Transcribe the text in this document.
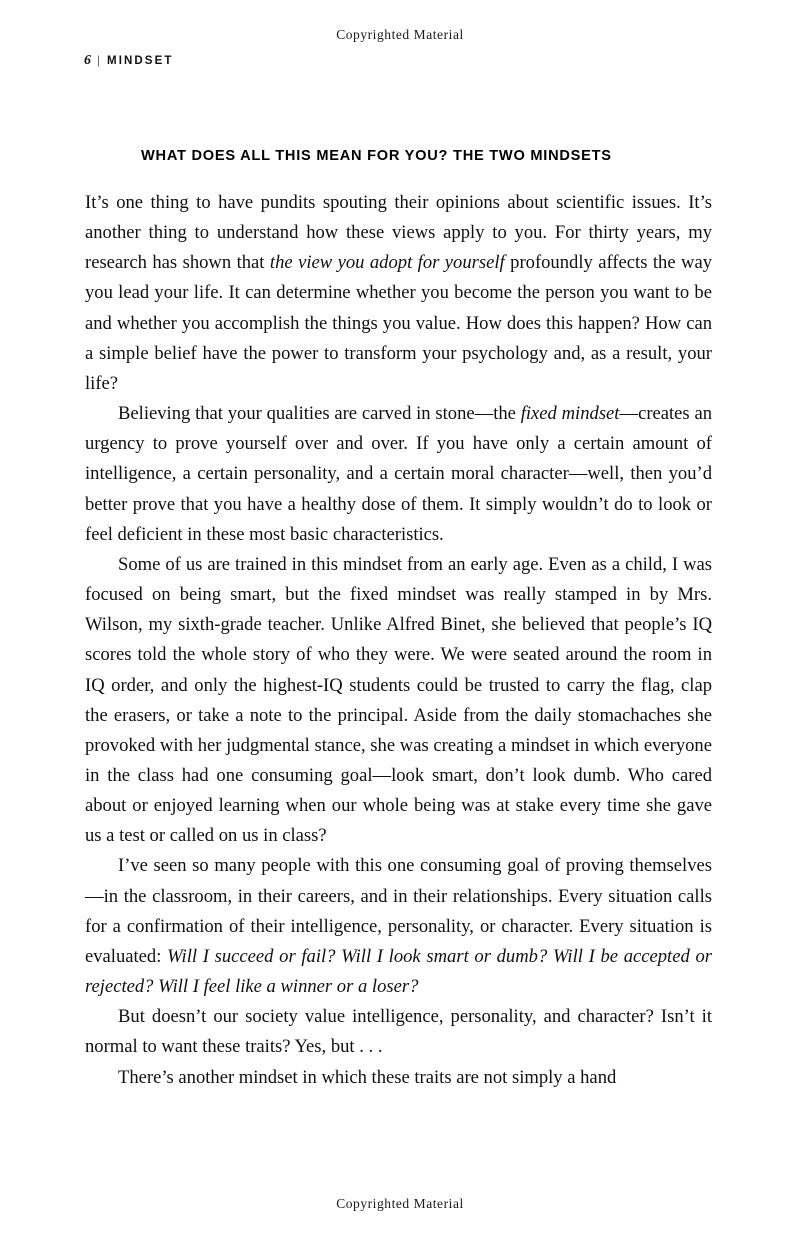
Copyrighted Material
6 | MINDSET
WHAT DOES ALL THIS MEAN FOR YOU? THE TWO MINDSETS

It’s one thing to have pundits spouting their opinions about scientific issues. It’s another thing to understand how these views apply to you. For thirty years, my research has shown that the view you adopt for yourself profoundly affects the way you lead your life. It can determine whether you become the person you want to be and whether you accomplish the things you value. How does this happen? How can a simple belief have the power to transform your psychology and, as a result, your life?

Believing that your qualities are carved in stone—the fixed mindset—creates an urgency to prove yourself over and over. If you have only a certain amount of intelligence, a certain personality, and a certain moral character—well, then you’d better prove that you have a healthy dose of them. It simply wouldn’t do to look or feel deficient in these most basic characteristics.

Some of us are trained in this mindset from an early age. Even as a child, I was focused on being smart, but the fixed mindset was really stamped in by Mrs. Wilson, my sixth-grade teacher. Unlike Alfred Binet, she believed that people’s IQ scores told the whole story of who they were. We were seated around the room in IQ order, and only the highest-IQ students could be trusted to carry the flag, clap the erasers, or take a note to the principal. Aside from the daily stomachaches she provoked with her judgmental stance, she was creating a mindset in which everyone in the class had one consuming goal—look smart, don’t look dumb. Who cared about or enjoyed learning when our whole being was at stake every time she gave us a test or called on us in class?

I’ve seen so many people with this one consuming goal of proving themselves—in the classroom, in their careers, and in their relationships. Every situation calls for a confirmation of their intelligence, personality, or character. Every situation is evaluated: Will I succeed or fail? Will I look smart or dumb? Will I be accepted or rejected? Will I feel like a winner or a loser?

But doesn’t our society value intelligence, personality, and character? Isn’t it normal to want these traits? Yes, but . . .

There’s another mindset in which these traits are not simply a hand

Copyrighted Material
